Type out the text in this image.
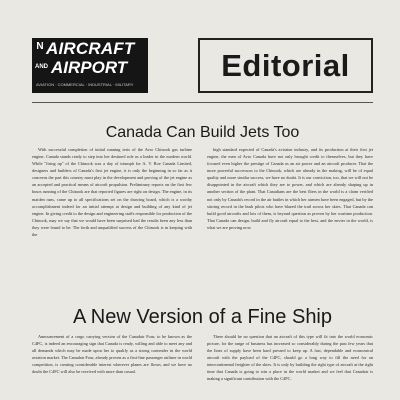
N AIRCRAFT
AND AIRPORT
AVIATION · COMMERCIAL · INDUSTRIAL · MILITARY
Editorial
Canada Can Build Jets Too

With successful completion of initial running tests of the Avro Chinook gas turbine engine, Canada stands ready to step into her destined role as a leader in the modern world. While "firing up" of the Chinook was a day of triumph for A. V. Roe Canada Limited, designers and builders of Canada's first jet engine, it is only the beginning in so far as it concerns the part this country must play in the development and proving of the jet engine as an accepted and practical means of aircraft propulsion. Preliminary reports on the first few hours running of the Chinook are that reported figures are right on design. The engine, in its maiden runs, came up to all specifications set on the drawing board, which is a worthy accomplishment indeed for an initial attempt at design and building of any kind of jet engine. In giving credit to the design and engineering staffs responsible for production of the Chinook, may we say that we would have been surprised had the results been any less than they were found to be. The forth and unqualified success of the Chinook is in keeping with the

high standard expected of Canada's aviation industry, and its production at their first jet engine, the men of Avro Canada have not only brought credit to themselves, but they have focused even higher the prestige of Canada as an air power and an aircraft producer. That the more powerful successors to the Chinook, which are already in the making, will be of equal quality and more similar success, we have no doubt. It is our conviction, too, that we will not be disappointed in the aircraft which they are to power, and which are already shaping up in another section of the plant. That Canadians are the best fliers in the world is a claim verified not only by Canada's record in the air battles in which her airmen have been engaged, but by the stirring record in the bush pilots who have blazed the trail across her skies. That Canada can build good aircrafts and lots of them, is beyond question as proven by her wartime production. That Canada can design, build and fly aircraft equal to the best, and the envier in the world, is what we are proving now.

A New Version of a Fine Ship

Announcement of a cargo carrying version of the Canadair Four, to be known as the C4FC, is indeed an encouraging sign that Canada is ready, willing and able to meet any and all demands which may be made upon her to qualify as a strong contender in the world aviation market. The Canadair Four, already proven as a first-line passenger airliner in world competition, is creating considerable interest wherever planes are flown, and we have no doubt the C4FC will also be received with more than casual.

There should be no question that an aircraft of this type will fit into the world economic picture, for the range of business has increased so considerably during the past few years that the lines of supply have been hard pressed to keep up. A fast, dependable and economical aircraft with the payload of the C4FC, should go a long way to fill the need for an intercontinental freighter of the skies. It is only by building the right type of aircraft at the right time that Canada is going to win a place in the world market and we feel that Canadair is making a significant contribution with the C4FC.
